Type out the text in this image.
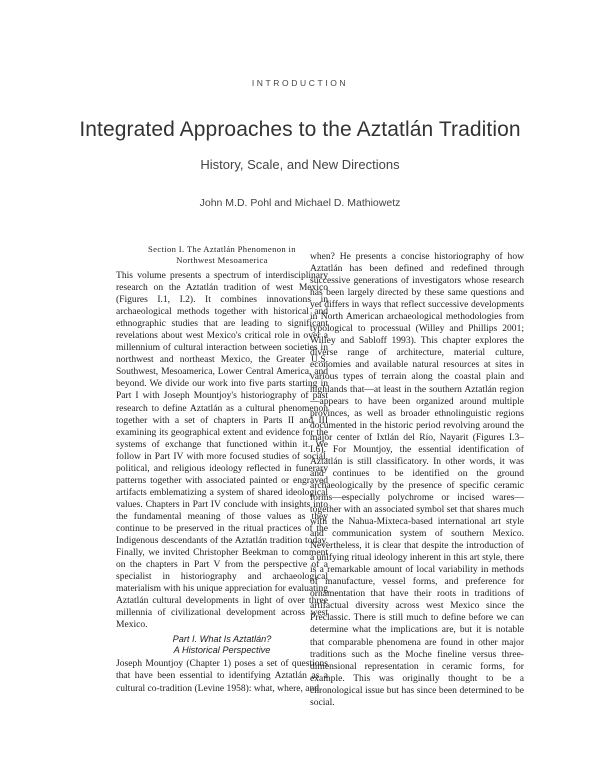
INTRODUCTION
Integrated Approaches to the Aztatlán Tradition
History, Scale, and New Directions
John M.D. Pohl and Michael D. Mathiowetz
Section I. The Aztatlán Phenomenon in
Northwest Mesoamerica

This volume presents a spectrum of interdisciplinary research on the Aztatlán tradition of west Mexico (Figures I.1, I.2). It combines innovations in archaeological methods together with historical and ethnographic studies that are leading to significant revelations about west Mexico's critical role in over a millennium of cultural interaction between societies in northwest and northeast Mexico, the Greater U.S. Southwest, Mesoamerica, Lower Central America, and beyond. We divide our work into five parts starting in Part I with Joseph Mountjoy's historiography of past research to define Aztatlán as a cultural phenomenon together with a set of chapters in Parts II and III examining its geographical extent and evidence for the systems of exchange that functioned within it. We follow in Part IV with more focused studies of social, political, and religious ideology reflected in funerary patterns together with associated painted or engraved artifacts emblematizing a system of shared ideological values. Chapters in Part IV conclude with insights into the fundamental meaning of those values as they continue to be preserved in the ritual practices of the Indigenous descendants of the Aztatlán tradition today. Finally, we invited Christopher Beekman to comment on the chapters in Part V from the perspective of a specialist in historiography and archaeological materialism with his unique appreciation for evaluating Aztatlán cultural developments in light of over three millennia of civilizational development across west Mexico.

Part I. What Is Aztatlán?
A Historical Perspective

Joseph Mountjoy (Chapter 1) poses a set of questions that have been essential to identifying Aztatlán as a cultural co-tradition (Levine 1958): what, where, and

when? He presents a concise historiography of how Aztatlán has been defined and redefined through successive generations of investigators whose research has been largely directed by these same questions and yet differs in ways that reflect successive developments in North American archaeological methodologies from typological to processual (Willey and Phillips 2001; Willey and Sabloff 1993). This chapter explores the diverse range of architecture, material culture, economies and available natural resources at sites in various types of terrain along the coastal plain and highlands that—at least in the southern Aztatlán region—appears to have been organized around multiple provinces, as well as broader ethnolinguistic regions documented in the historic period revolving around the major center of Ixtlán del Río, Nayarit (Figures I.3–I.6). For Mountjoy, the essential identification of Aztatlán is still classificatory. In other words, it was and continues to be identified on the ground archaeologically by the presence of specific ceramic forms—especially polychrome or incised wares—together with an associated symbol set that shares much with the Nahua-Mixteca-based international art style and communication system of southern Mexico. Nevertheless, it is clear that despite the introduction of a unifying ritual ideology inherent in this art style, there is a remarkable amount of local variability in methods of manufacture, vessel forms, and preference for ornamentation that have their roots in traditions of artifactual diversity across west Mexico since the Preclassic. There is still much to define before we can determine what the implications are, but it is notable that comparable phenomena are found in other major traditions such as the Moche fineline versus three-dimensional representation in ceramic forms, for example. This was originally thought to be a chronological issue but has since been determined to be social.
